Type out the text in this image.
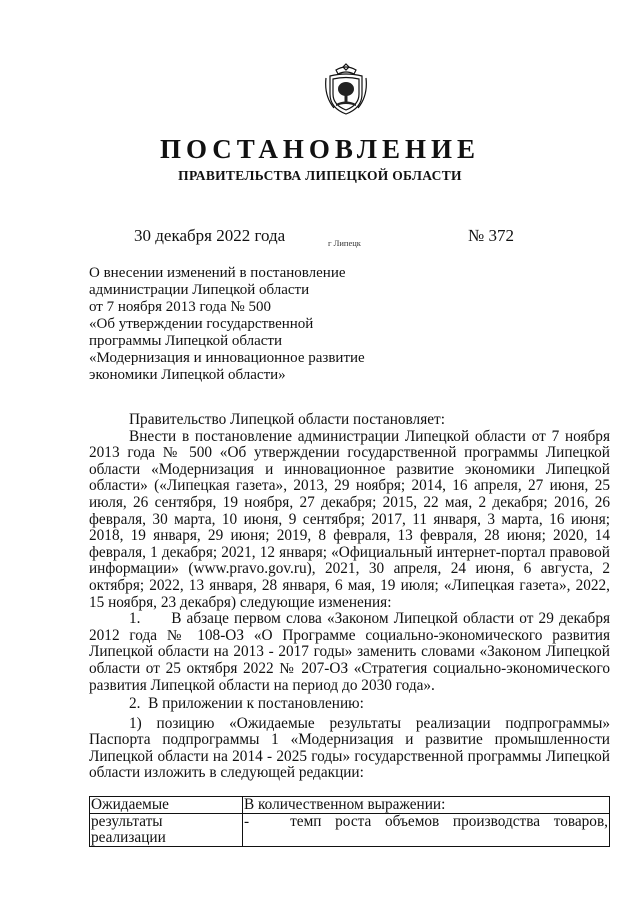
ПОСТАНОВЛЕНИЕ
ПРАВИТЕЛЬСТВА ЛИПЕЦКОЙ ОБЛАСТИ
30 декабря 2022 года	г Липецк	№ 372
О внесении изменений в постановление
администрации Липецкой области
от 7 ноября 2013 года № 500
«Об утверждении государственной
программы Липецкой области
«Модернизация и инновационное развитие
экономики Липецкой области»

Правительство Липецкой области постановляет:

Внести в постановление администрации Липецкой области от 7 ноября 2013 года № 500 «Об утверждении государственной программы Липецкой области «Модернизация и инновационное развитие экономики Липецкой области» («Липецкая газета», 2013, 29 ноября; 2014, 16 апреля, 27 июня, 25 июля, 26 сентября, 19 ноября, 27 декабря; 2015, 22 мая, 2 декабря; 2016, 26 февраля, 30 марта, 10 июня, 9 сентября; 2017, 11 января, 3 марта, 16 июня; 2018, 19 января, 29 июня; 2019, 8 февраля, 13 февраля, 28 июня; 2020, 14 февраля, 1 декабря; 2021, 12 января; «Официальный интернет-портал правовой информации» (www.pravo.gov.ru), 2021, 30 апреля, 24 июня, 6 августа, 2 октября; 2022, 13 января, 28 января, 6 мая, 19 июля; «Липецкая газета», 2022, 15 ноября, 23 декабря) следующие изменения:

1.      В абзаце первом слова «Законом Липецкой области от 29 декабря 2012 года № 108-ОЗ «О Программе социально-экономического развития Липецкой области на 2013 - 2017 годы» заменить словами «Законом Липецкой области от 25 октября 2022 № 207-ОЗ «Стратегия социально-экономического развития Липецкой области на период до 2030 года».

2.  В приложении к постановлению:

1) позицию «Ожидаемые результаты реализации подпрограммы» Паспорта подпрограммы 1 «Модернизация и развитие промышленности Липецкой области на 2014 - 2025 годы» государственной программы Липецкой области изложить в следующей редакции:

Ожидаемые	В количественном выражении:
результаты реализации	-   темп роста объемов производства товаров,
